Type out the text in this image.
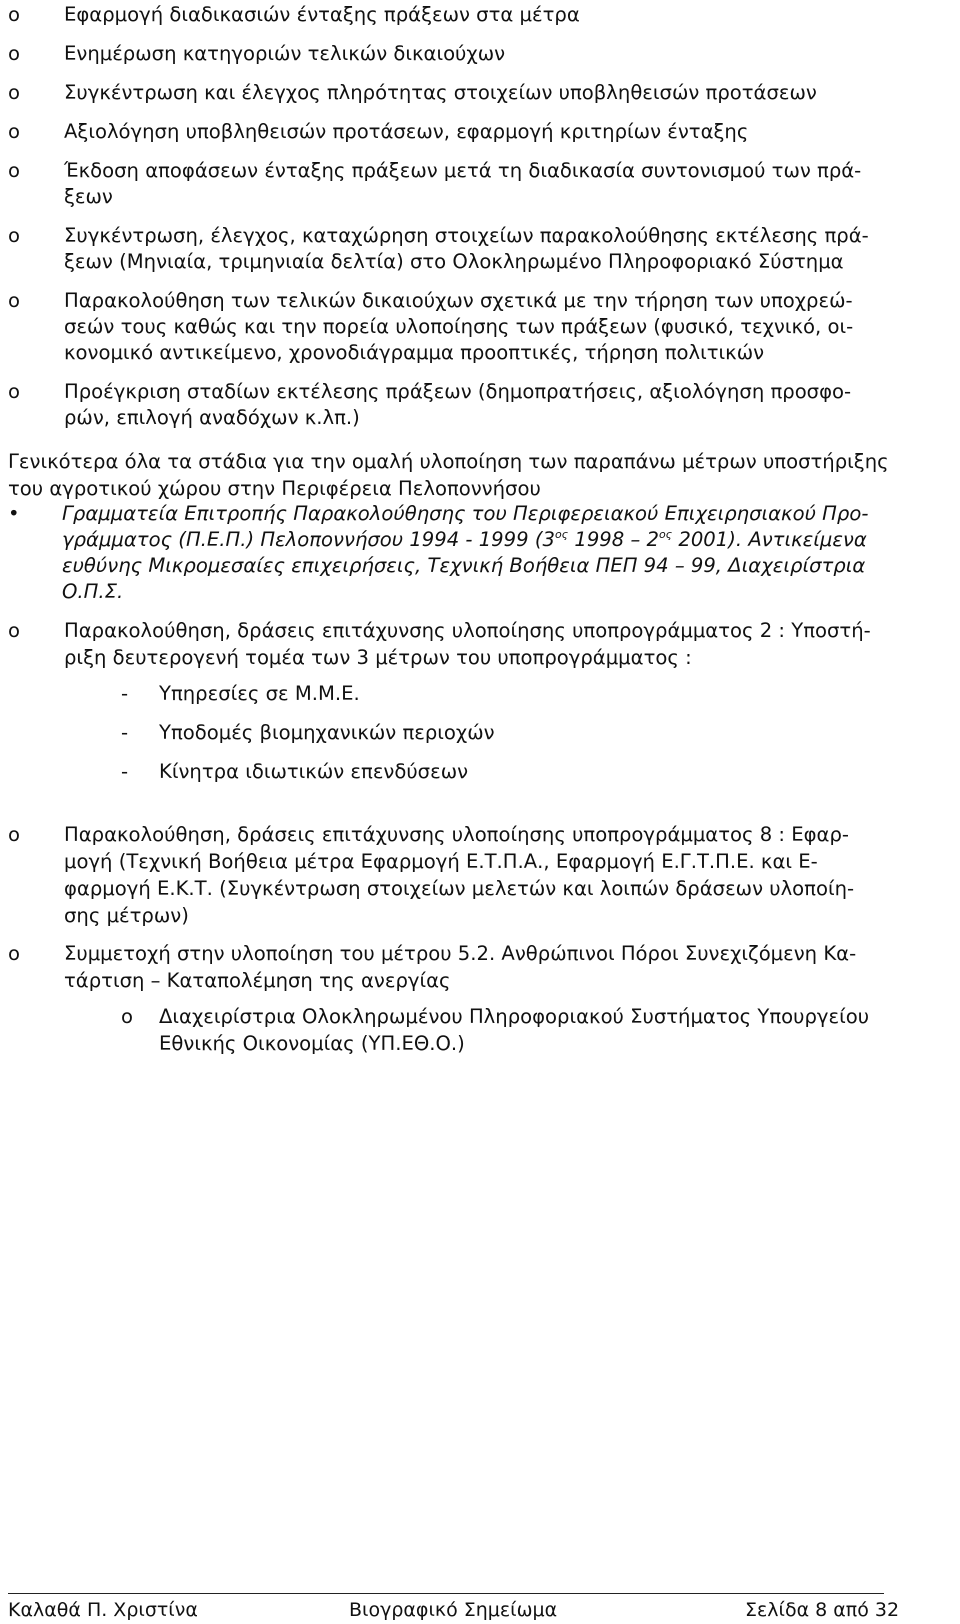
o Εφαρμογή διαδικασιών ένταξης πράξεων στα μέτρα
o Ενημέρωση κατηγοριών τελικών δικαιούχων
o Συγκέντρωση και έλεγχος πληρότητας στοιχείων υποβληθεισών προτάσεων
o Αξιολόγηση υποβληθεισών προτάσεων, εφαρμογή κριτηρίων ένταξης
o Έκδοση αποφάσεων ένταξης πράξεων μετά τη διαδικασία συντονισμού των πρά-
ξεων
o Συγκέντρωση, έλεγχος, καταχώρηση στοιχείων παρακολούθησης εκτέλεσης πρά-
ξεων (Μηνιαία, τριμηνιαία δελτία) στο Ολοκληρωμένο Πληροφοριακό Σύστημα
o Παρακολούθηση των τελικών δικαιούχων σχετικά με την τήρηση των υποχρεώ-
σεών τους καθώς και την πορεία υλοποίησης των πράξεων (φυσικό, τεχνικό, οι-
κονομικό αντικείμενο, χρονοδιάγραμμα προοπτικές, τήρηση πολιτικών
o Προέγκριση σταδίων εκτέλεσης πράξεων (δημοπρατήσεις, αξιολόγηση προσφο-
ρών, επιλογή αναδόχων κ.λπ.)
Γενικότερα όλα τα στάδια για την ομαλή υλοποίηση των παραπάνω μέτρων υποστήριξης
του αγροτικού χώρου στην Περιφέρεια Πελοποννήσου
• Γραμματεία Επιτροπής Παρακολούθησης του Περιφερειακού Επιχειρησιακού Προ-
γράμματος (Π.Ε.Π.) Πελοποννήσου 1994 - 1999 ($3^{o\varsigma}$ $1998 - 2^{o\varsigma}$ 2001). Αντικείμενα
ευθύνης Μικρομεσαίες επιχειρήσεις, Τεχνική Βοήθεια ΠΕΠ 94 – 99, Διαχειρίστρια
Ο.Π.Σ.
o Παρακολούθηση, δράσεις επιτάχυνσης υλοποίησης υποπρογράμματος 2 : Υποστή-
ριξη δευτερογενή τομέα των 3 μέτρων του υποπρογράμματος :
- Υπηρεσίες σε Μ.Μ.Ε.
- Υποδομές βιομηχανικών περιοχών
- Κίνητρα ιδιωτικών επενδύσεων
o Παρακολούθηση, δράσεις επιτάχυνσης υλοποίησης υποπρογράμματος 8 : Εφαρ-
μογή (Τεχνική Βοήθεια μέτρα Εφαρμογή Ε.Τ.Π.Α., Εφαρμογή Ε.Γ.Τ.Π.Ε. και Ε-
φαρμογή Ε.Κ.Τ. (Συγκέντρωση στοιχείων μελετών και λοιπών δράσεων υλοποίη-
σης μέτρων)
o Συμμετοχή στην υλοποίηση του μέτρου 5.2. Ανθρώπινοι Πόροι Συνεχιζόμενη Κα-
τάρτιση – Καταπολέμηση της ανεργίας
o Διαχειρίστρια Ολοκληρωμένου Πληροφοριακού Συστήματος Υπουργείου
Εθνικής Οικονομίας (ΥΠ.ΕΘ.Ο.)
Καλαθά Π. Χριστίνα	Βιογραφικό Σημείωμα	Σελίδα 8 από 32
